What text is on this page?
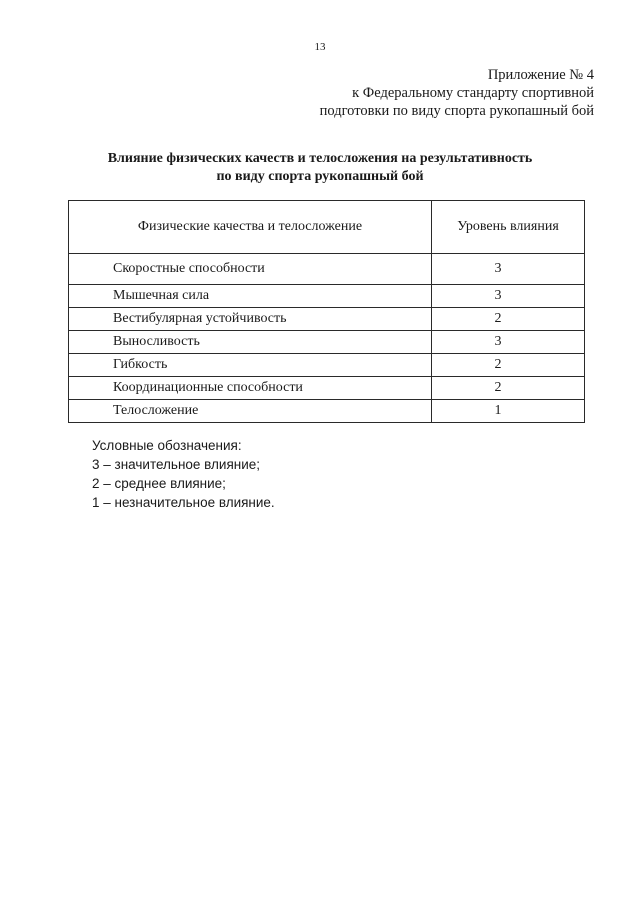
13
Приложение № 4
к Федеральному стандарту спортивной
подготовки по виду спорта рукопашный бой
Влияние физических качеств и телосложения на результативность
по виду спорта рукопашный бой
Физические качества и телосложение	Уровень влияния
Скоростные способности	3
Мышечная сила	3
Вестибулярная устойчивость	2
Выносливость	3
Гибкость	2
Координационные способности	2
Телосложение	1
Условные обозначения:
3 – значительное влияние;
2 – среднее влияние;
1 – незначительное влияние.
